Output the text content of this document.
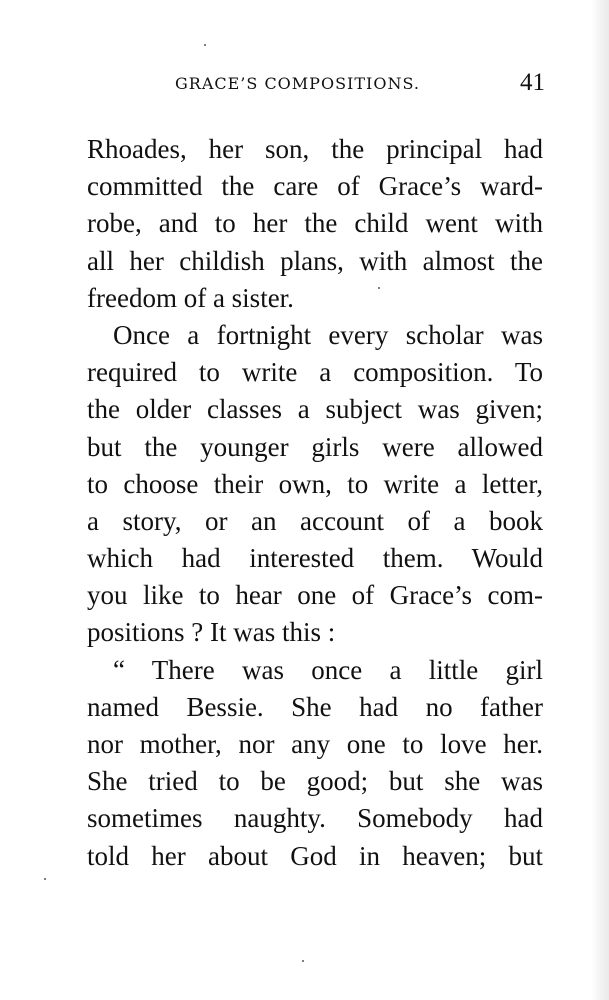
GRACE’S COMPOSITIONS.	41
Rhoades, her son, the principal had
committed the care of Grace’s ward-
robe, and to her the child went with
all her childish plans, with almost the
freedom of a sister.
Once a fortnight every scholar was
required to write a composition. To
the older classes a subject was given;
but the younger girls were allowed
to choose their own, to write a letter,
a story, or an account of a book
which had interested them. Would
you like to hear one of Grace’s com-
positions ? It was this :
“ There was once a little girl
named Bessie. She had no father
nor mother, nor any one to love her.
She tried to be good; but she was
sometimes naughty. Somebody had
told her about God in heaven; but
